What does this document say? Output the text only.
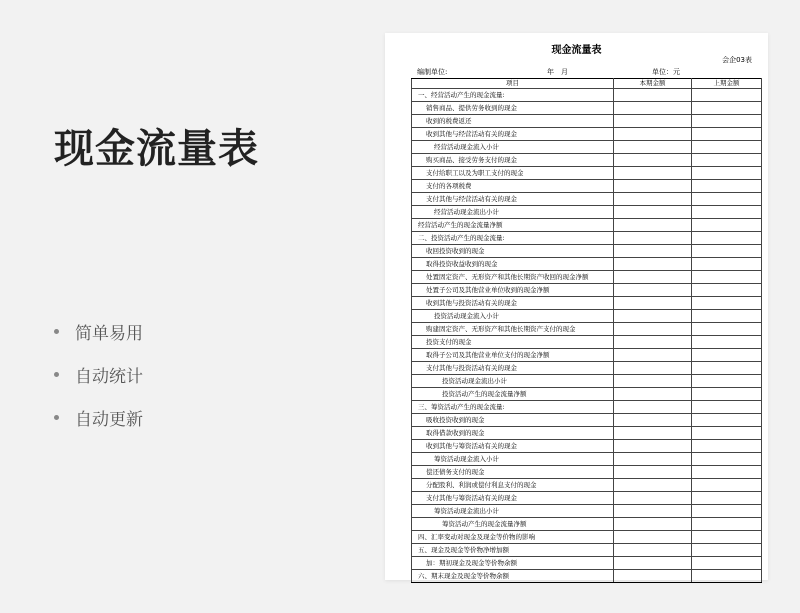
现金流量表
简单易用
自动统计
自动更新
现金流量表
会企03表
编制单位:	年　月	单位：元
项目	本期金额	上期金额
一、经营活动产生的现金流量:		
销售商品、提供劳务收到的现金		
收到的税费返还		
收到其他与经营活动有关的现金		
经营活动现金流入小计		
购买商品、接受劳务支付的现金		
支付给职工以及为职工支付的现金		
支付的各项税费		
支付其他与经营活动有关的现金		
经营活动现金流出小计		
经营活动产生的现金流量净额		
二、投资活动产生的现金流量:		
收回投资收到的现金		
取得投资收益收到的现金		
处置固定资产、无形资产和其他长期资产收回的现金净额		
处置子公司及其他营业单位收到的现金净额		
收到其他与投资活动有关的现金		
投资活动现金流入小计		
购建固定资产、无形资产和其他长期资产支付的现金		
投资支付的现金		
取得子公司及其他营业单位支付的现金净额		
支付其他与投资活动有关的现金		
投资活动现金流出小计		
投资活动产生的现金流量净额		
三、筹资活动产生的现金流量:		
吸收投资收到的现金		
取得借款收到的现金		
收到其他与筹资活动有关的现金		
筹资活动现金流入小计		
偿还债务支付的现金		
分配股利、利润或偿付利息支付的现金		
支付其他与筹资活动有关的现金		
筹资活动现金流出小计		
筹资活动产生的现金流量净额		
四、汇率变动对现金及现金等价物的影响		
五、现金及现金等价物净增加额		
加：期初现金及现金等价物余额		
六、期末现金及现金等价物余额		
